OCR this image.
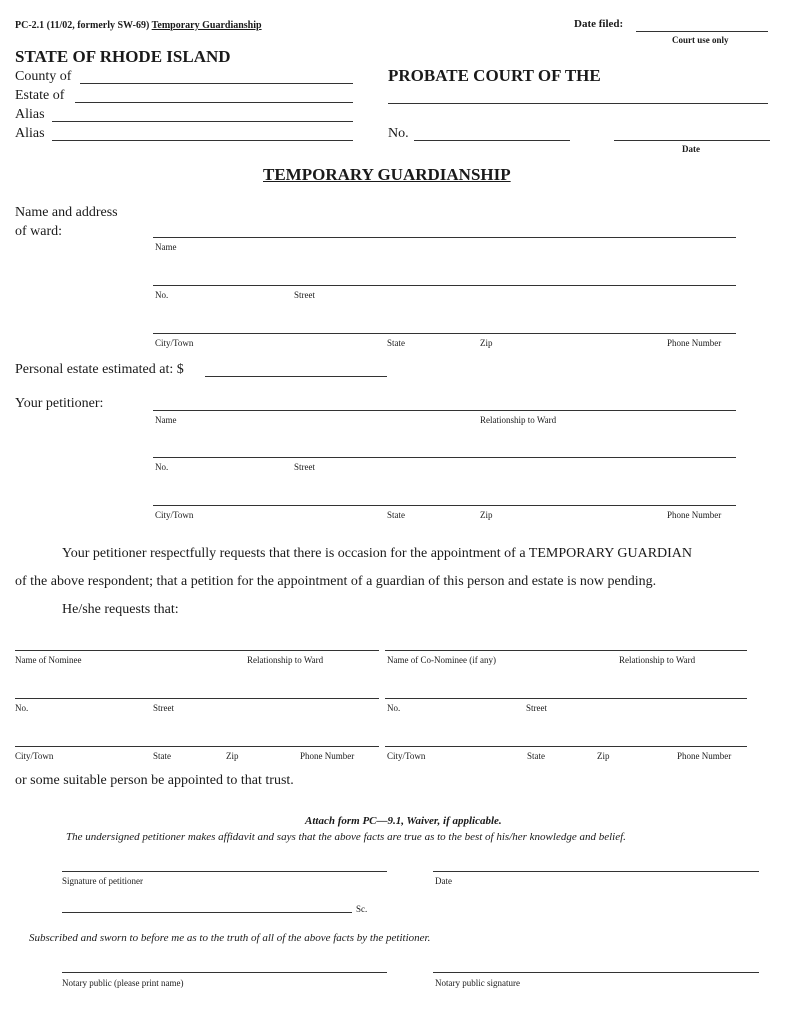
PC-2.1 (11/02, formerly SW-69) Temporary Guardianship	Date filed:
Court use only
STATE OF RHODE ISLAND
County of
Estate of
Alias
Alias
PROBATE COURT OF THE
No.
Date
TEMPORARY GUARDIANSHIP
Name and address
of ward:
Name
No.	Street
City/Town	State	Zip	Phone Number
Personal estate estimated at: $
Your petitioner:
Name	Relationship to Ward
No.	Street
City/Town	State	Zip	Phone Number
Your petitioner respectfully requests that there is occasion for the appointment of a TEMPORARY GUARDIAN
of the above respondent; that a petition for the appointment of a guardian of this person and estate is now pending.
He/she requests that:
Name of Nominee	Relationship to Ward
No.	Street
City/Town	State	Zip	Phone Number
Name of Co-Nominee (if any)	Relationship to Ward
No.	Street
City/Town	State	Zip	Phone Number
or some suitable person be appointed to that trust.
Attach form PC—9.1, Waiver, if applicable.
The undersigned petitioner makes affidavit and says that the above facts are true as to the best of his/her knowledge and belief.
Signature of petitioner	Date
Sc.
Subscribed and sworn to before me as to the truth of all of the above facts by the petitioner.
Notary public (please print name)	Notary public signature
